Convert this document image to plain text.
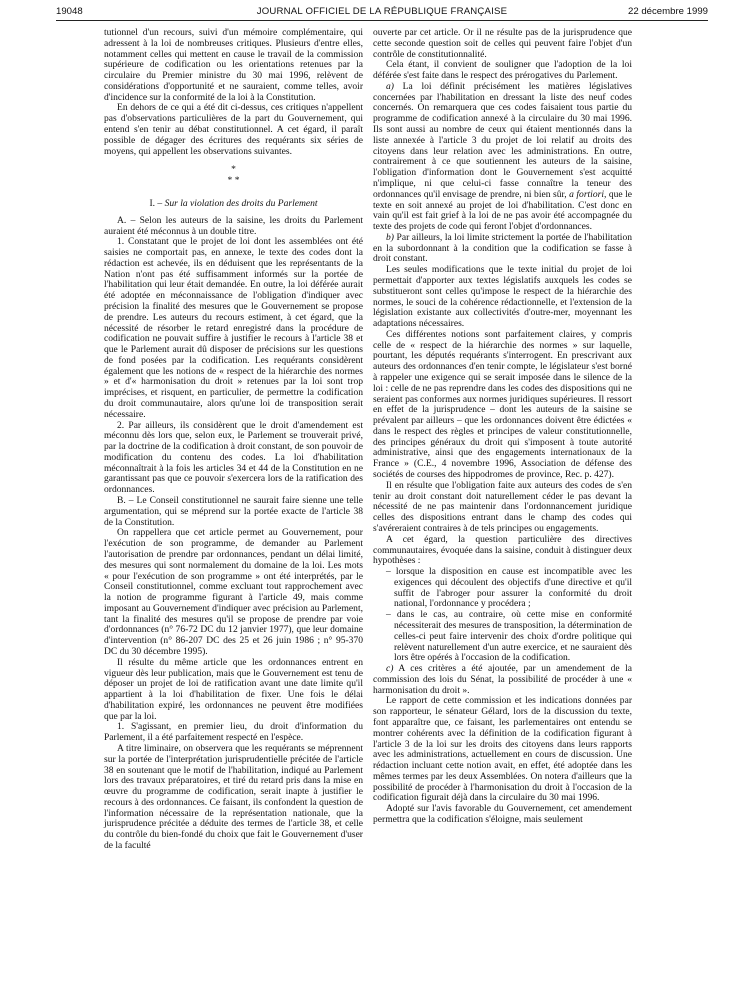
19048	JOURNAL OFFICIEL DE LA RÉPUBLIQUE FRANÇAISE	22 décembre 1999

tutionnel d'un recours, suivi d'un mémoire complémentaire, qui adressent à la loi de nombreuses critiques. Plusieurs d'entre elles, notamment celles qui mettent en cause le travail de la commission supérieure de codification ou les orientations retenues par la circulaire du Premier ministre du 30 mai 1996, relèvent de considérations d'opportunité et ne sauraient, comme telles, avoir d'incidence sur la conformité de la loi à la Constitution.

En dehors de ce qui a été dit ci-dessus, ces critiques n'appellent pas d'observations particulières de la part du Gouvernement, qui entend s'en tenir au débat constitutionnel. A cet égard, il paraît possible de dégager des écritures des requérants six séries de moyens, qui appellent les observations suivantes.

*

* *

I. – Sur la violation des droits du Parlement

A. – Selon les auteurs de la saisine, les droits du Parlement auraient été méconnus à un double titre.

1. Constatant que le projet de loi dont les assemblées ont été saisies ne comportait pas, en annexe, le texte des codes dont la rédaction est achevée, ils en déduisent que les représentants de la Nation n'ont pas été suffisamment informés sur la portée de l'habilitation qui leur était demandée. En outre, la loi déférée aurait été adoptée en méconnaissance de l'obligation d'indiquer avec précision la finalité des mesures que le Gouvernement se propose de prendre. Les auteurs du recours estiment, à cet égard, que la nécessité de résorber le retard enregistré dans la procédure de codification ne pouvait suffire à justifier le recours à l'article 38 et que le Parlement aurait dû disposer de précisions sur les questions de fond posées par la codification. Les requérants considèrent également que les notions de « respect de la hiérarchie des normes » et d'« harmonisation du droit » retenues par la loi sont trop imprécises, et risquent, en particulier, de permettre la codification du droit communautaire, alors qu'une loi de transposition serait nécessaire.

2. Par ailleurs, ils considèrent que le droit d'amendement est méconnu dès lors que, selon eux, le Parlement se trouverait privé, par la doctrine de la codification à droit constant, de son pouvoir de modification du contenu des codes. La loi d'habilitation méconnaîtrait à la fois les articles 34 et 44 de la Constitution en ne garantissant pas que ce pouvoir s'exercera lors de la ratification des ordonnances.

B. – Le Conseil constitutionnel ne saurait faire sienne une telle argumentation, qui se méprend sur la portée exacte de l'article 38 de la Constitution.

On rappellera que cet article permet au Gouvernement, pour l'exécution de son programme, de demander au Parlement l'autorisation de prendre par ordonnances, pendant un délai limité, des mesures qui sont normalement du domaine de la loi. Les mots « pour l'exécution de son programme » ont été interprétés, par le Conseil constitutionnel, comme excluant tout rapprochement avec la notion de programme figurant à l'article 49, mais comme imposant au Gouvernement d'indiquer avec précision au Parlement, tant la finalité des mesures qu'il se propose de prendre par voie d'ordonnances (n° 76-72 DC du 12 janvier 1977), que leur domaine d'intervention (n° 86-207 DC des 25 et 26 juin 1986 ; n° 95-370 DC du 30 décembre 1995).

Il résulte du même article que les ordonnances entrent en vigueur dès leur publication, mais que le Gouvernement est tenu de déposer un projet de loi de ratification avant une date limite qu'il appartient à la loi d'habilitation de fixer. Une fois le délai d'habilitation expiré, les ordonnances ne peuvent être modifiées que par la loi.

1. S'agissant, en premier lieu, du droit d'information du Parlement, il a été parfaitement respecté en l'espèce.

A titre liminaire, on observera que les requérants se méprennent sur la portée de l'interprétation jurisprudentielle précitée de l'article 38 en soutenant que le motif de l'habilitation, indiqué au Parlement lors des travaux préparatoires, et tiré du retard pris dans la mise en œuvre du programme de codification, serait inapte à justifier le recours à des ordonnances. Ce faisant, ils confondent la question de l'information nécessaire de la représentation nationale, que la jurisprudence précitée a déduite des termes de l'article 38, et celle du contrôle du bien-fondé du choix que fait le Gouvernement d'user de la faculté

ouverte par cet article. Or il ne résulte pas de la jurisprudence que cette seconde question soit de celles qui peuvent faire l'objet d'un contrôle de constitutionnalité.

Cela étant, il convient de souligner que l'adoption de la loi déférée s'est faite dans le respect des prérogatives du Parlement.

a) La loi définit précisément les matières législatives concernées par l'habilitation en dressant la liste des neuf codes concernés. On remarquera que ces codes faisaient tous partie du programme de codification annexé à la circulaire du 30 mai 1996. Ils sont aussi au nombre de ceux qui étaient mentionnés dans la liste annexée à l'article 3 du projet de loi relatif au droits des citoyens dans leur relation avec les administrations. En outre, contrairement à ce que soutiennent les auteurs de la saisine, l'obligation d'information dont le Gouvernement s'est acquitté n'implique, ni que celui-ci fasse connaître la teneur des ordonnances qu'il envisage de prendre, ni bien sûr, a fortiori, que le texte en soit annexé au projet de loi d'habilitation. C'est donc en vain qu'il est fait grief à la loi de ne pas avoir été accompagnée du texte des projets de code qui feront l'objet d'ordonnances.

b) Par ailleurs, la loi limite strictement la portée de l'habilitation en la subordonnant à la condition que la codification se fasse à droit constant.

Les seules modifications que le texte initial du projet de loi permettait d'apporter aux textes législatifs auxquels les codes se substitueront sont celles qu'impose le respect de la hiérarchie des normes, le souci de la cohérence rédactionnelle, et l'extension de la législation existante aux collectivités d'outre-mer, moyennant les adaptations nécessaires.

Ces différentes notions sont parfaitement claires, y compris celle de « respect de la hiérarchie des normes » sur laquelle, pourtant, les députés requérants s'interrogent. En prescrivant aux auteurs des ordonnances d'en tenir compte, le législateur s'est borné à rappeler une exigence qui se serait imposée dans le silence de la loi : celle de ne pas reprendre dans les codes des dispositions qui ne seraient pas conformes aux normes juridiques supérieures. Il ressort en effet de la jurisprudence – dont les auteurs de la saisine se prévalent par ailleurs – que les ordonnances doivent être édictées « dans le respect des règles et principes de valeur constitutionnelle, des principes généraux du droit qui s'imposent à toute autorité administrative, ainsi que des engagements internationaux de la France » (C.E., 4 novembre 1996, Association de défense des sociétés de courses des hippodromes de province, Rec. p. 427).

Il en résulte que l'obligation faite aux auteurs des codes de s'en tenir au droit constant doit naturellement céder le pas devant la nécessité de ne pas maintenir dans l'ordonnancement juridique celles des dispositions entrant dans le champ des codes qui s'avéreraient contraires à de tels principes ou engagements.

A cet égard, la question particulière des directives communautaires, évoquée dans la saisine, conduit à distinguer deux hypothèses :

– lorsque la disposition en cause est incompatible avec les exigences qui découlent des objectifs d'une directive et qu'il suffit de l'abroger pour assurer la conformité du droit national, l'ordonnance y procédera ;
– dans le cas, au contraire, où cette mise en conformité nécessiterait des mesures de transposition, la détermination de celles-ci peut faire intervenir des choix d'ordre politique qui relèvent naturellement d'un autre exercice, et ne sauraient dès lors être opérés à l'occasion de la codification.

c) A ces critères a été ajoutée, par un amendement de la commission des lois du Sénat, la possibilité de procéder à une « harmonisation du droit ».

Le rapport de cette commission et les indications données par son rapporteur, le sénateur Gélard, lors de la discussion du texte, font apparaître que, ce faisant, les parlementaires ont entendu se montrer cohérents avec la définition de la codification figurant à l'article 3 de la loi sur les droits des citoyens dans leurs rapports avec les administrations, actuellement en cours de discussion. Une rédaction incluant cette notion avait, en effet, été adoptée dans les mêmes termes par les deux Assemblées. On notera d'ailleurs que la possibilité de procéder à l'harmonisation du droit à l'occasion de la codification figurait déjà dans la circulaire du 30 mai 1996.

Adopté sur l'avis favorable du Gouvernement, cet amendement permettra que la codification s'éloigne, mais seulement
